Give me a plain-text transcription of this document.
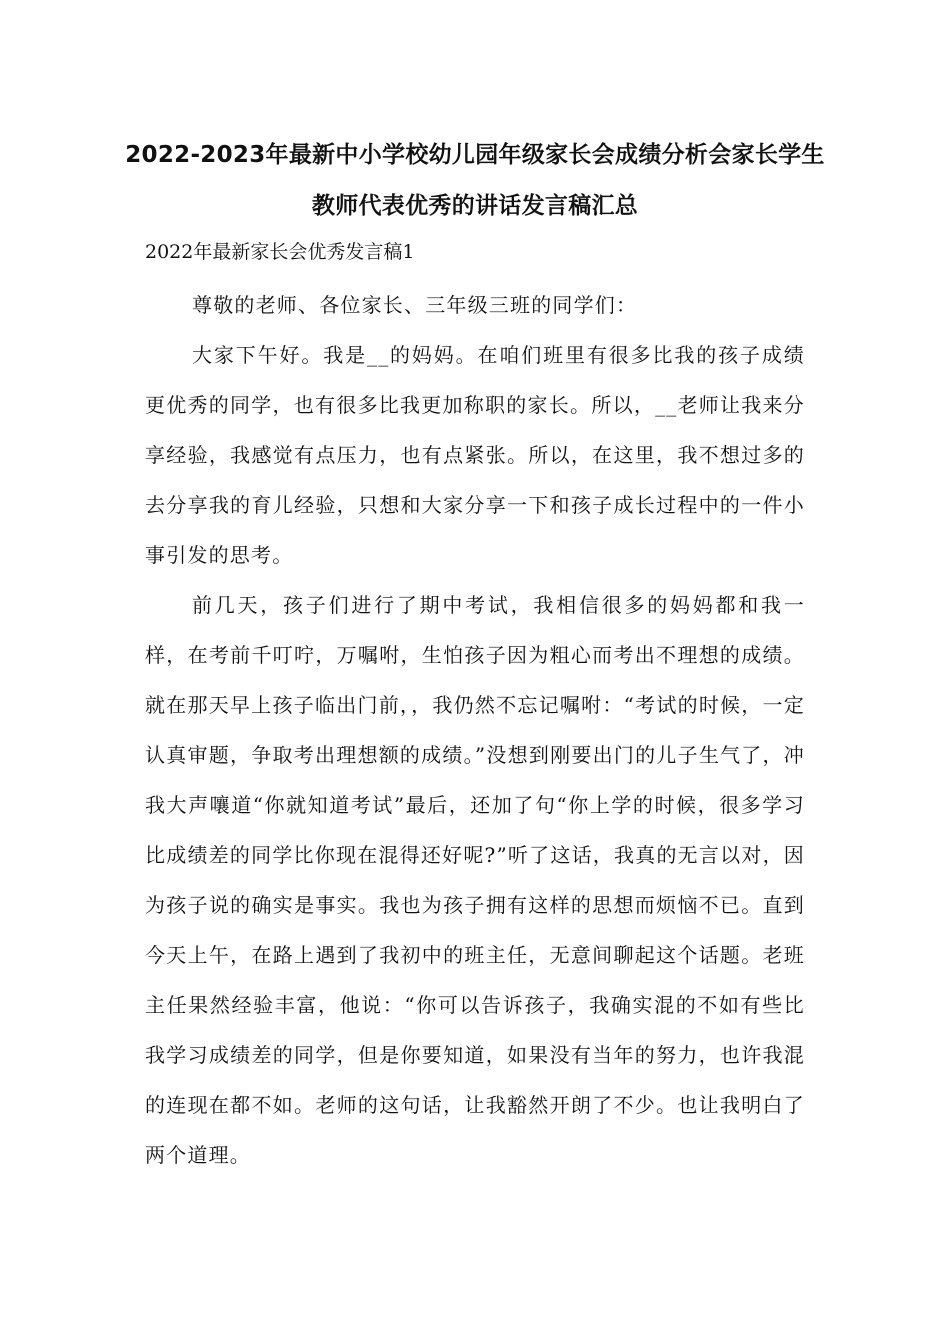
2022-2023年最新中小学校幼儿园年级家长会成绩分析会家长学生
教师代表优秀的讲话发言稿汇总
2022年最新家长会优秀发言稿1

尊敬的老师、各位家长、三年级三班的同学们：

大家下午好。我是__的妈妈。在咱们班里有很多比我的孩子成绩更优秀的同学，也有很多比我更加称职的家长。所以，__老师让我来分享经验，我感觉有点压力，也有点紧张。所以，在这里，我不想过多的去分享我的育儿经验，只想和大家分享一下和孩子成长过程中的一件小事引发的思考。

前几天，孩子们进行了期中考试，我相信很多的妈妈都和我一样，在考前千叮咛，万嘱咐，生怕孩子因为粗心而考出不理想的成绩。就在那天早上孩子临出门前，，我仍然不忘记嘱咐：“考试的时候，一定认真审题，争取考出理想额的成绩。”没想到刚要出门的儿子生气了，冲我大声嚷道“你就知道考试”最后，还加了句“你上学的时候，很多学习比成绩差的同学比你现在混得还好呢?”听了这话，我真的无言以对，因为孩子说的确实是事实。我也为孩子拥有这样的思想而烦恼不已。直到今天上午，在路上遇到了我初中的班主任，无意间聊起这个话题。老班主任果然经验丰富，他说：“你可以告诉孩子，我确实混的不如有些比我学习成绩差的同学，但是你要知道，如果没有当年的努力，也许我混的连现在都不如。老师的这句话，让我豁然开朗了不少。也让我明白了两个道理。
